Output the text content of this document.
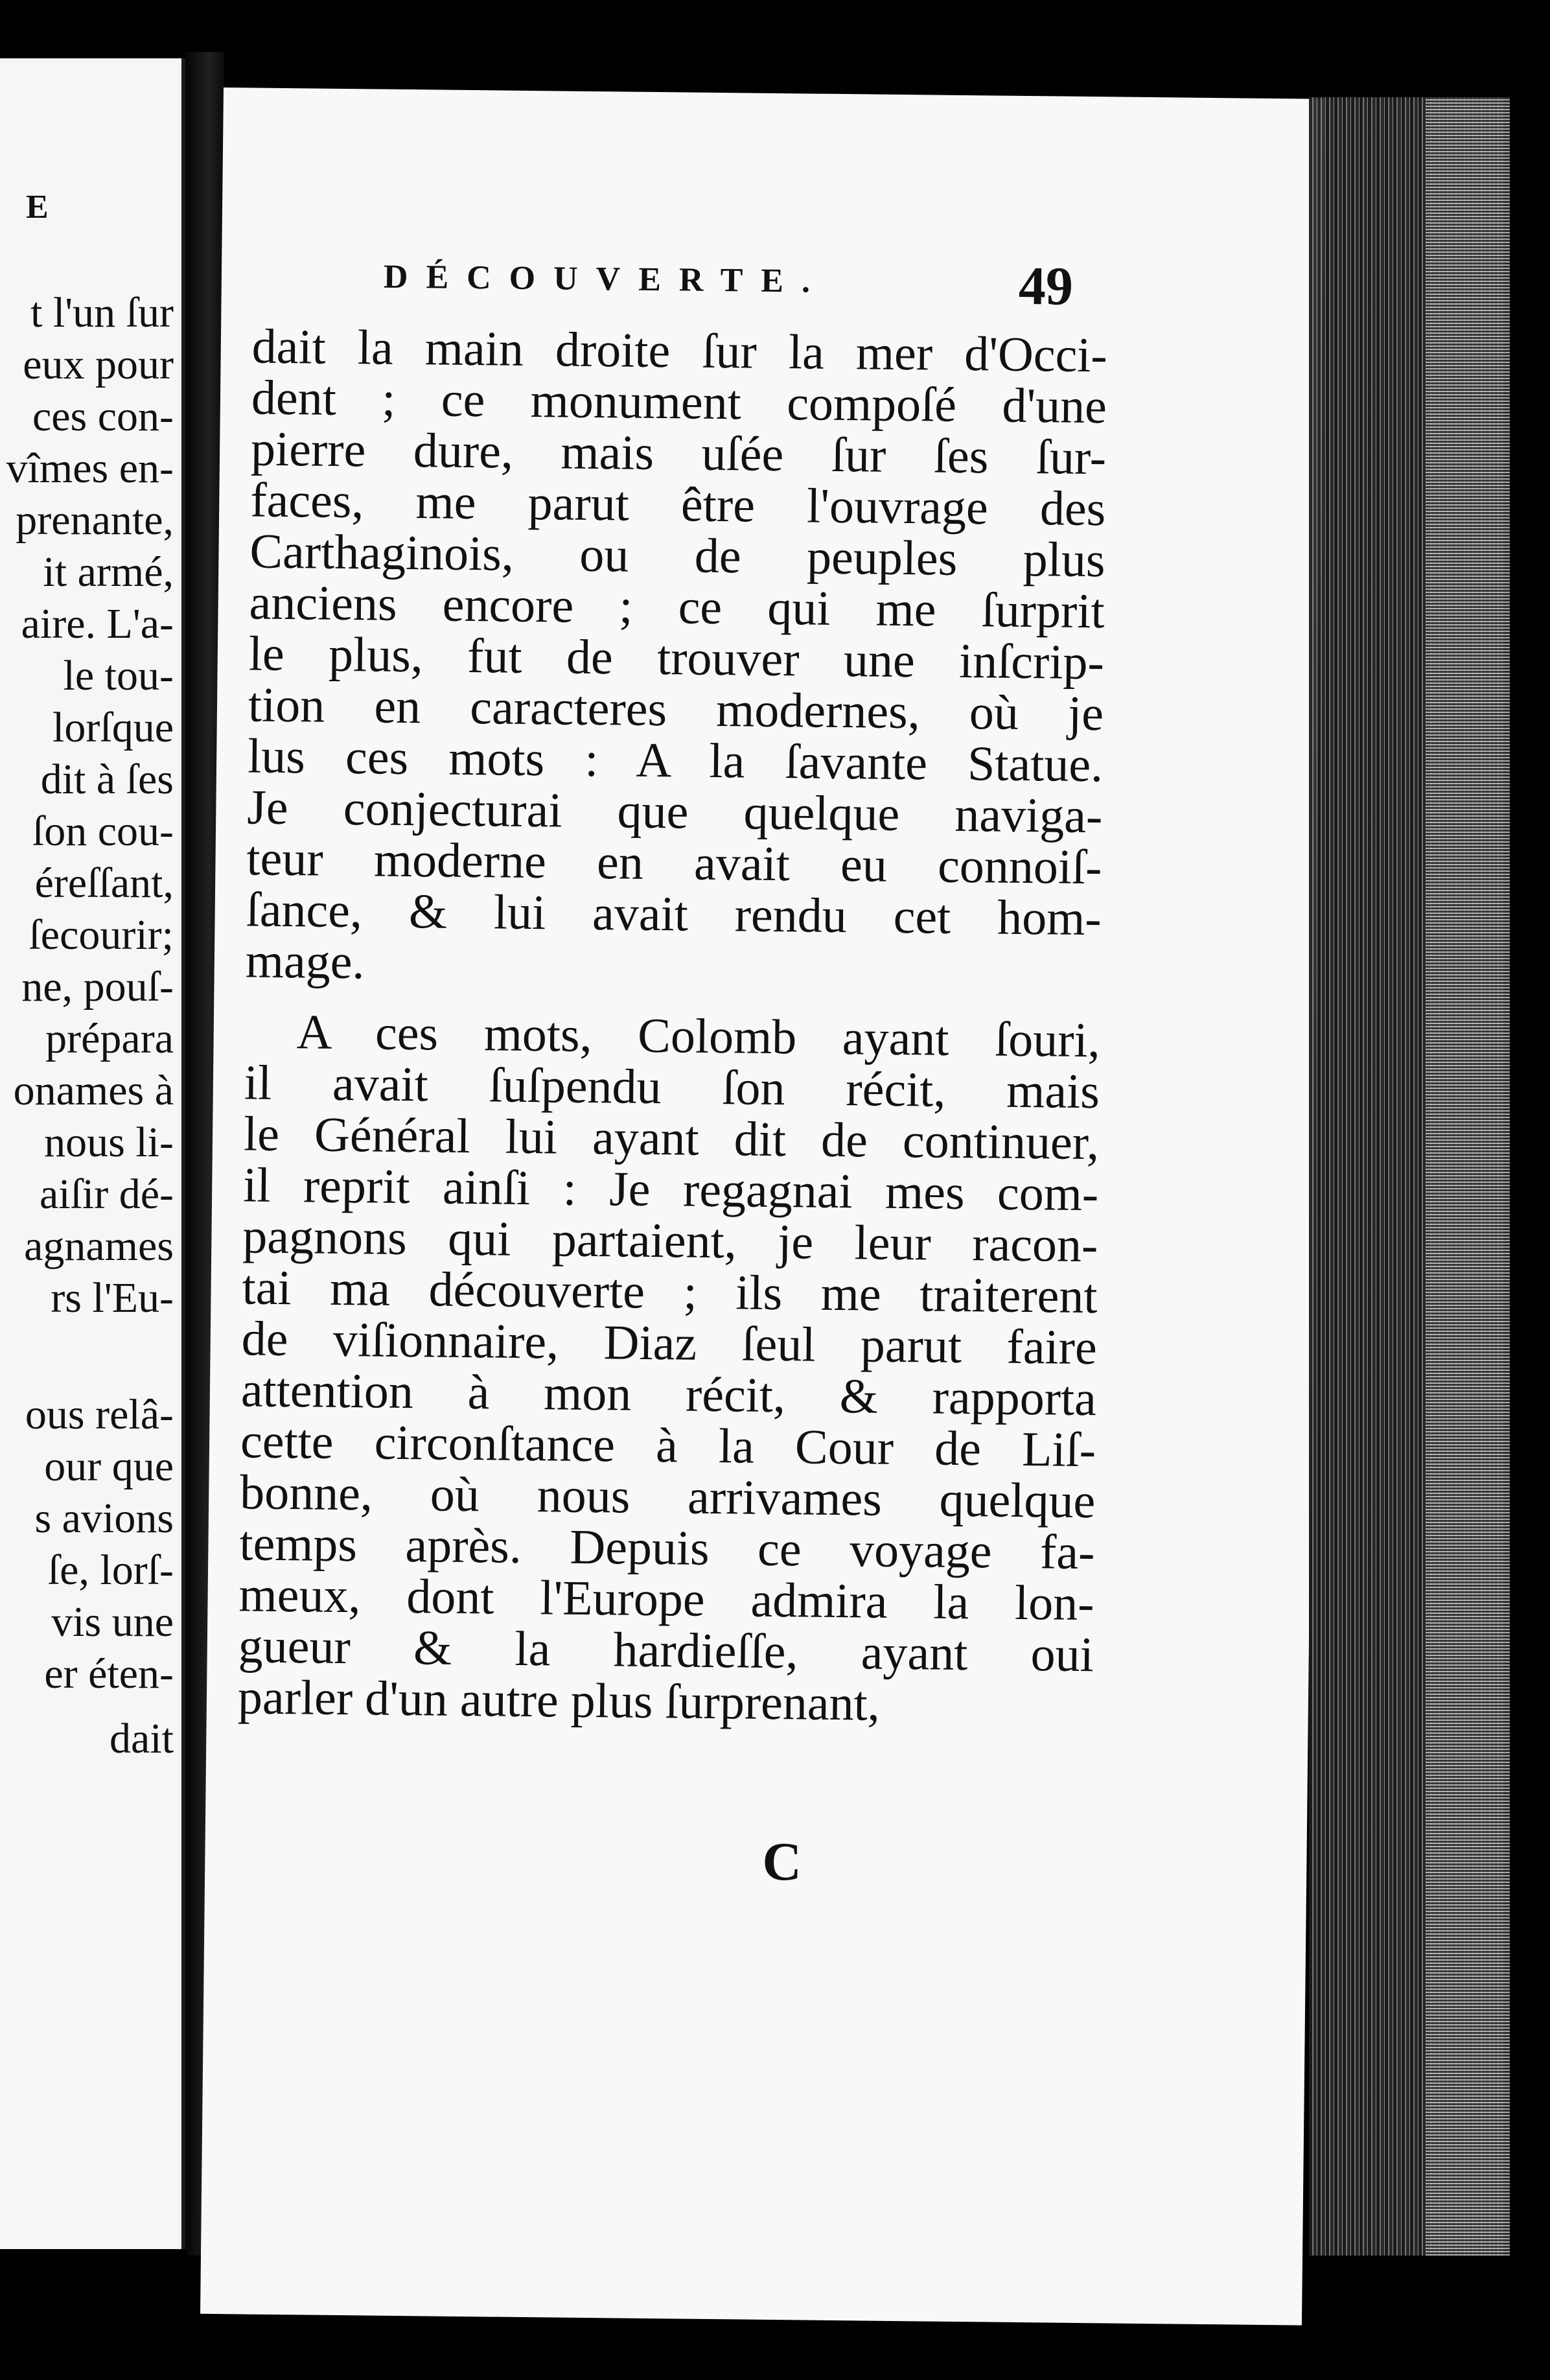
E
t l'un ſur
eux pour
ces con-
vîmes en-
prenante,
it armé,
aire. L'a-
le tou-
lorſque
dit à ſes
ſon cou-
éreſſant,
ſecourir;
ne, pouſ-
prépara
onames à
nous li-
aiſir dé-
agnames
rs l'Eu-
ous relâ-
our que
s avions
ſe, lorſ-
vis une
er éten-
dait
DÉCOUVERTE.	49
dait la main droite ſur la mer d'Occi-
dent ; ce monument compoſé d'une
pierre dure, mais uſée ſur ſes ſur-
faces, me parut être l'ouvrage des
Carthaginois, ou de peuples plus
anciens encore ; ce qui me ſurprit
le plus, fut de trouver une inſcrip-
tion en caracteres modernes, où je
lus ces mots : A la ſavante Statue.
Je conjecturai que quelque naviga-
teur moderne en avait eu connoiſ-
ſance, & lui avait rendu cet hom-
mage.
A ces mots, Colomb ayant ſouri,
il avait ſuſpendu ſon récit, mais
le Général lui ayant dit de continuer,
il reprit ainſi : Je regagnai mes com-
pagnons qui partaient, je leur racon-
tai ma découverte ; ils me traiterent
de viſionnaire, Diaz ſeul parut faire
attention à mon récit, & rapporta
cette circonſtance à la Cour de Liſ-
bonne, où nous arrivames quelque
temps après. Depuis ce voyage fa-
meux, dont l'Europe admira la lon-
gueur & la hardieſſe, ayant oui
parler d'un autre plus ſurprenant,
C
